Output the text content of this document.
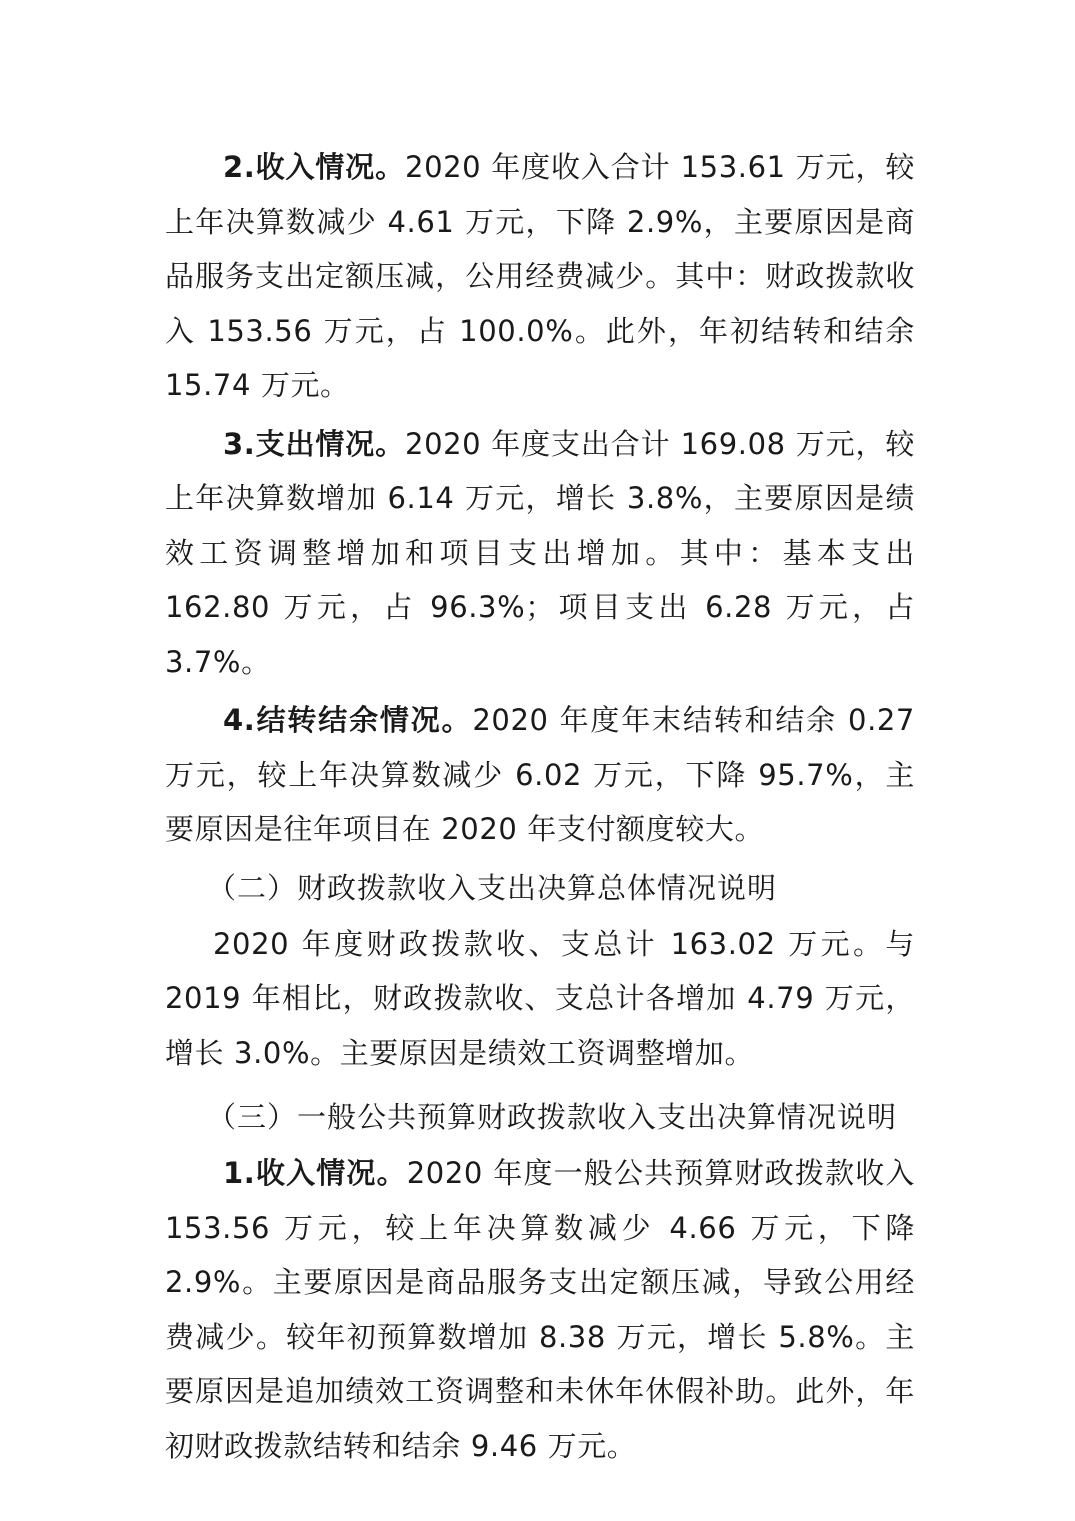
2.收入情况。2020 年度收入合计 153.61 万元，较上年决算数减少 4.61 万元，下降 2.9%，主要原因是商品服务支出定额压减，公用经费减少。其中：财政拨款收入 153.56 万元，占 100.0%。此外，年初结转和结余 15.74 万元。

3.支出情况。2020 年度支出合计 169.08 万元，较上年决算数增加 6.14 万元，增长 3.8%，主要原因是绩效工资调整增加和项目支出增加。其中：基本支出 162.80 万元，占 96.3%；项目支出 6.28 万元，占 3.7%。

4.结转结余情况。2020 年度年末结转和结余 0.27 万元，较上年决算数减少 6.02 万元，下降 95.7%，主要原因是往年项目在 2020 年支付额度较大。

（二）财政拨款收入支出决算总体情况说明

2020 年度财政拨款收、支总计 163.02 万元。与 2019 年相比，财政拨款收、支总计各增加 4.79 万元，增长 3.0%。主要原因是绩效工资调整增加。

（三）一般公共预算财政拨款收入支出决算情况说明

1.收入情况。2020 年度一般公共预算财政拨款收入 153.56 万元，较上年决算数减少 4.66 万元，下降 2.9%。主要原因是商品服务支出定额压减，导致公用经费减少。较年初预算数增加 8.38 万元，增长 5.8%。主要原因是追加绩效工资调整和未休年休假补助。此外，年初财政拨款结转和结余 9.46 万元。
